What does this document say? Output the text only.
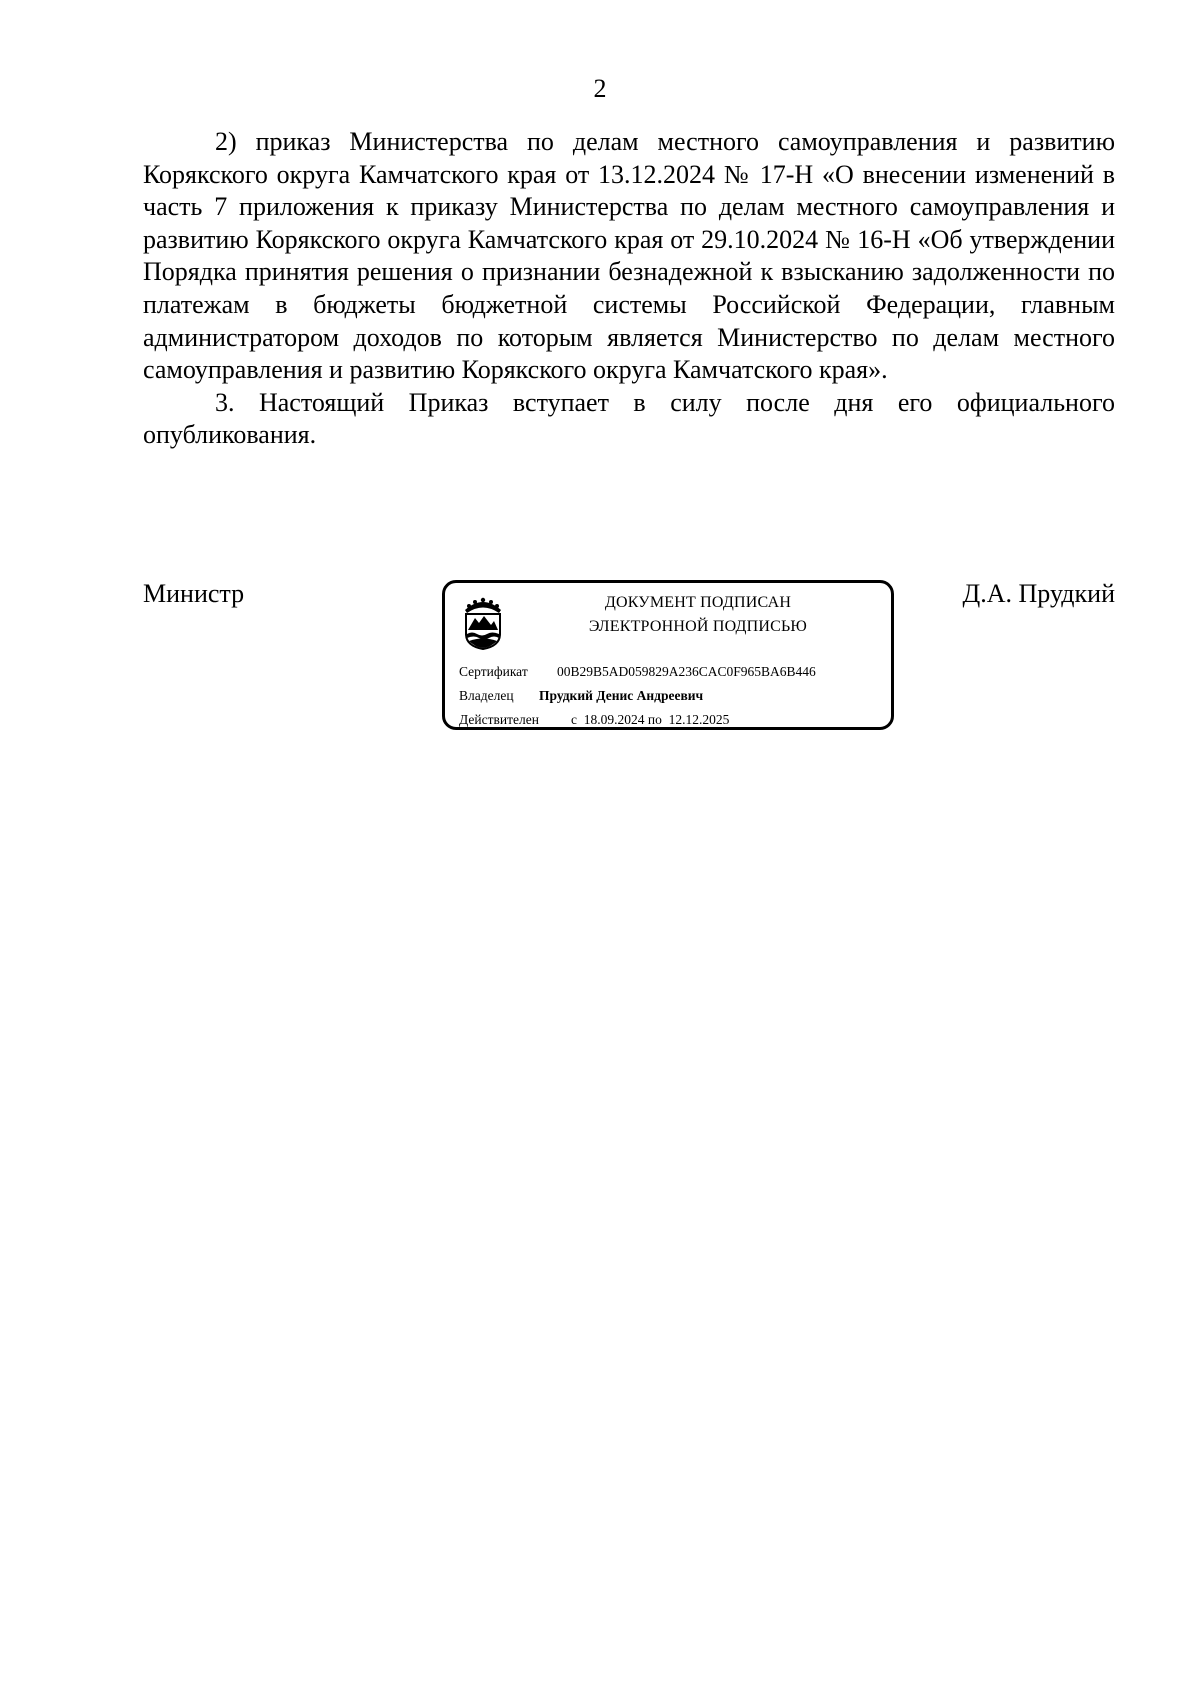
2

2) приказ Министерства по делам местного самоуправления и развитию Корякского округа Камчатского края от 13.12.2024 № 17-Н «О внесении изменений в часть 7 приложения к приказу Министерства по делам местного самоуправления и развитию Корякского округа Камчатского края от 29.10.2024 № 16-Н «Об утверждении Порядка принятия решения о признании безнадежной к взысканию задолженности по платежам в бюджеты бюджетной системы Российской Федерации, главным администратором доходов по которым является Министерство по делам местного самоуправления и развитию Корякского округа Камчатского края».

3. Настоящий Приказ вступает в силу после дня его официального опубликования.

Министр	ДОКУМЕНТ ПОДПИСАН
ЭЛЕКТРОННОЙ ПОДПИСЬЮ
Сертификат 00B29B5AD059829A236CAC0F965BA6B446
Владелец Прудкий Денис Андреевич
Действителен с  18.09.2024 по  12.12.2025
Д.А. Прудкий
